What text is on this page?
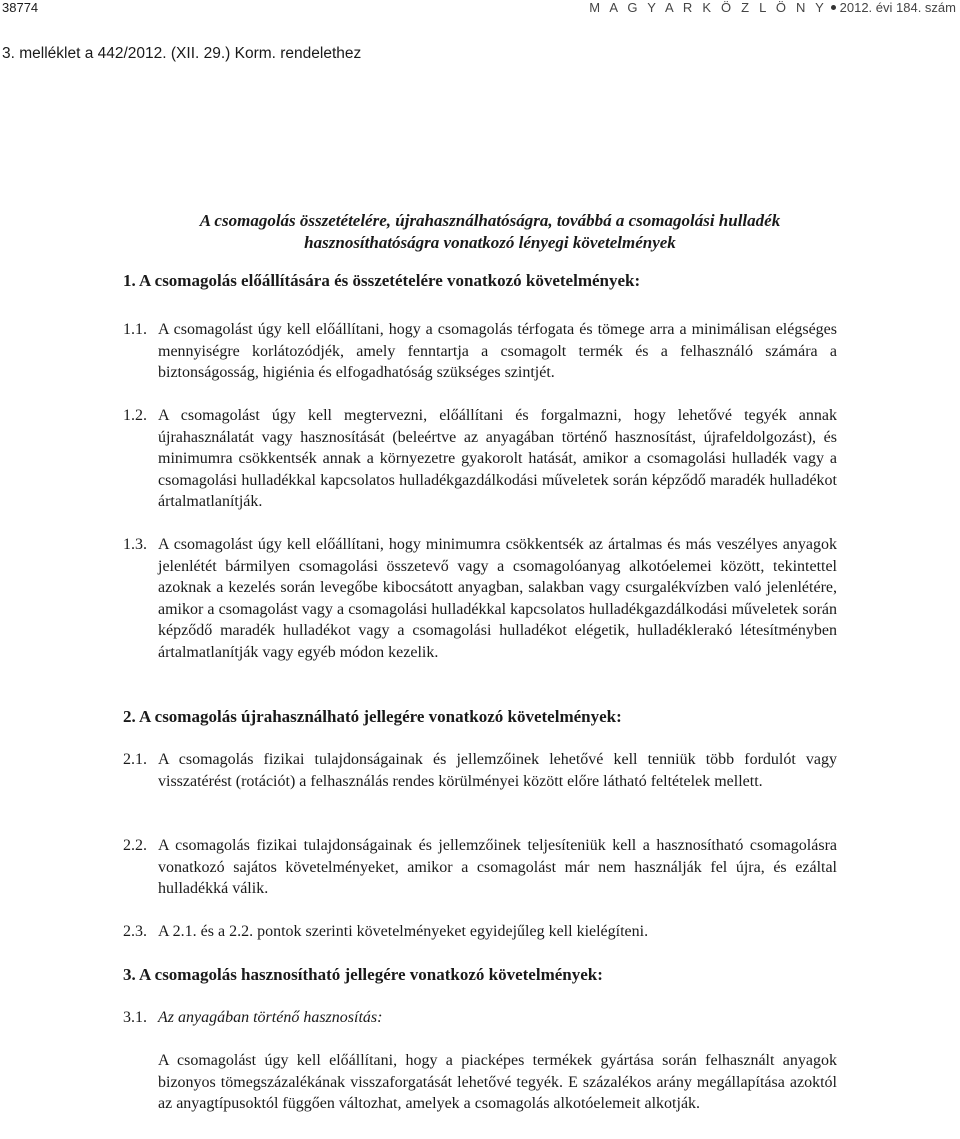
38774	M A G Y A R K Ö Z L Ö N Y 2012. évi 184. szám
3. melléklet a 442/2012. (XII. 29.) Korm. rendelethez
A csomagolás összetételére, újrahasználhatóságra, továbbá a csomagolási hulladék hasznosíthatóságra vonatkozó lényegi követelmények
1. A csomagolás előállítására és összetételére vonatkozó követelmények:
1.1. A csomagolást úgy kell előállítani, hogy a csomagolás térfogata és tömege arra a minimálisan elégséges mennyiségre korlátozódjék, amely fenntartja a csomagolt termék és a felhasználó számára a biztonságosság, higiénia és elfogadhatóság szükséges szintjét.
1.2. A csomagolást úgy kell megtervezni, előállítani és forgalmazni, hogy lehetővé tegyék annak újrahasználatát vagy hasznosítását (beleértve az anyagában történő hasznosítást, újrafeldolgozást), és minimumra csökkentsék annak a környezetre gyakorolt hatását, amikor a csomagolási hulladék vagy a csomagolási hulladékkal kapcsolatos hulladékgazdálkodási műveletek során képződő maradék hulladékot ártalmatlanítják.
1.3. A csomagolást úgy kell előállítani, hogy minimumra csökkentsék az ártalmas és más veszélyes anyagok jelenlétét bármilyen csomagolási összetevő vagy a csomagolóanyag alkotóelemei között, tekintettel azoknak a kezelés során levegőbe kibocsátott anyagban, salakban vagy csurgalékvízben való jelenlétére, amikor a csomagolást vagy a csomagolási hulladékkal kapcsolatos hulladékgazdálkodási műveletek során képződő maradék hulladékot vagy a csomagolási hulladékot elégetik, hulladéklerakó létesítményben ártalmatlanítják vagy egyéb módon kezelik.
2. A csomagolás újrahasználható jellegére vonatkozó követelmények:
2.1. A csomagolás fizikai tulajdonságainak és jellemzőinek lehetővé kell tenniük több fordulót vagy visszatérést (rotációt) a felhasználás rendes körülményei között előre látható feltételek mellett.
2.2. A csomagolás fizikai tulajdonságainak és jellemzőinek teljesíteniük kell a hasznosítható csomagolásra vonatkozó sajátos követelményeket, amikor a csomagolást már nem használják fel újra, és ezáltal hulladékká válik.
2.3. A 2.1. és a 2.2. pontok szerinti követelményeket egyidejűleg kell kielégíteni.
3. A csomagolás hasznosítható jellegére vonatkozó követelmények:
3.1. Az anyagában történő hasznosítás:
A csomagolást úgy kell előállítani, hogy a piacképes termékek gyártása során felhasznált anyagok bizonyos tömegszázalékának visszaforgatását lehetővé tegyék. E százalékos arány megállapítása azoktól az anyagtípusoktól függően változhat, amelyek a csomagolás alkotóelemeit alkotják.
